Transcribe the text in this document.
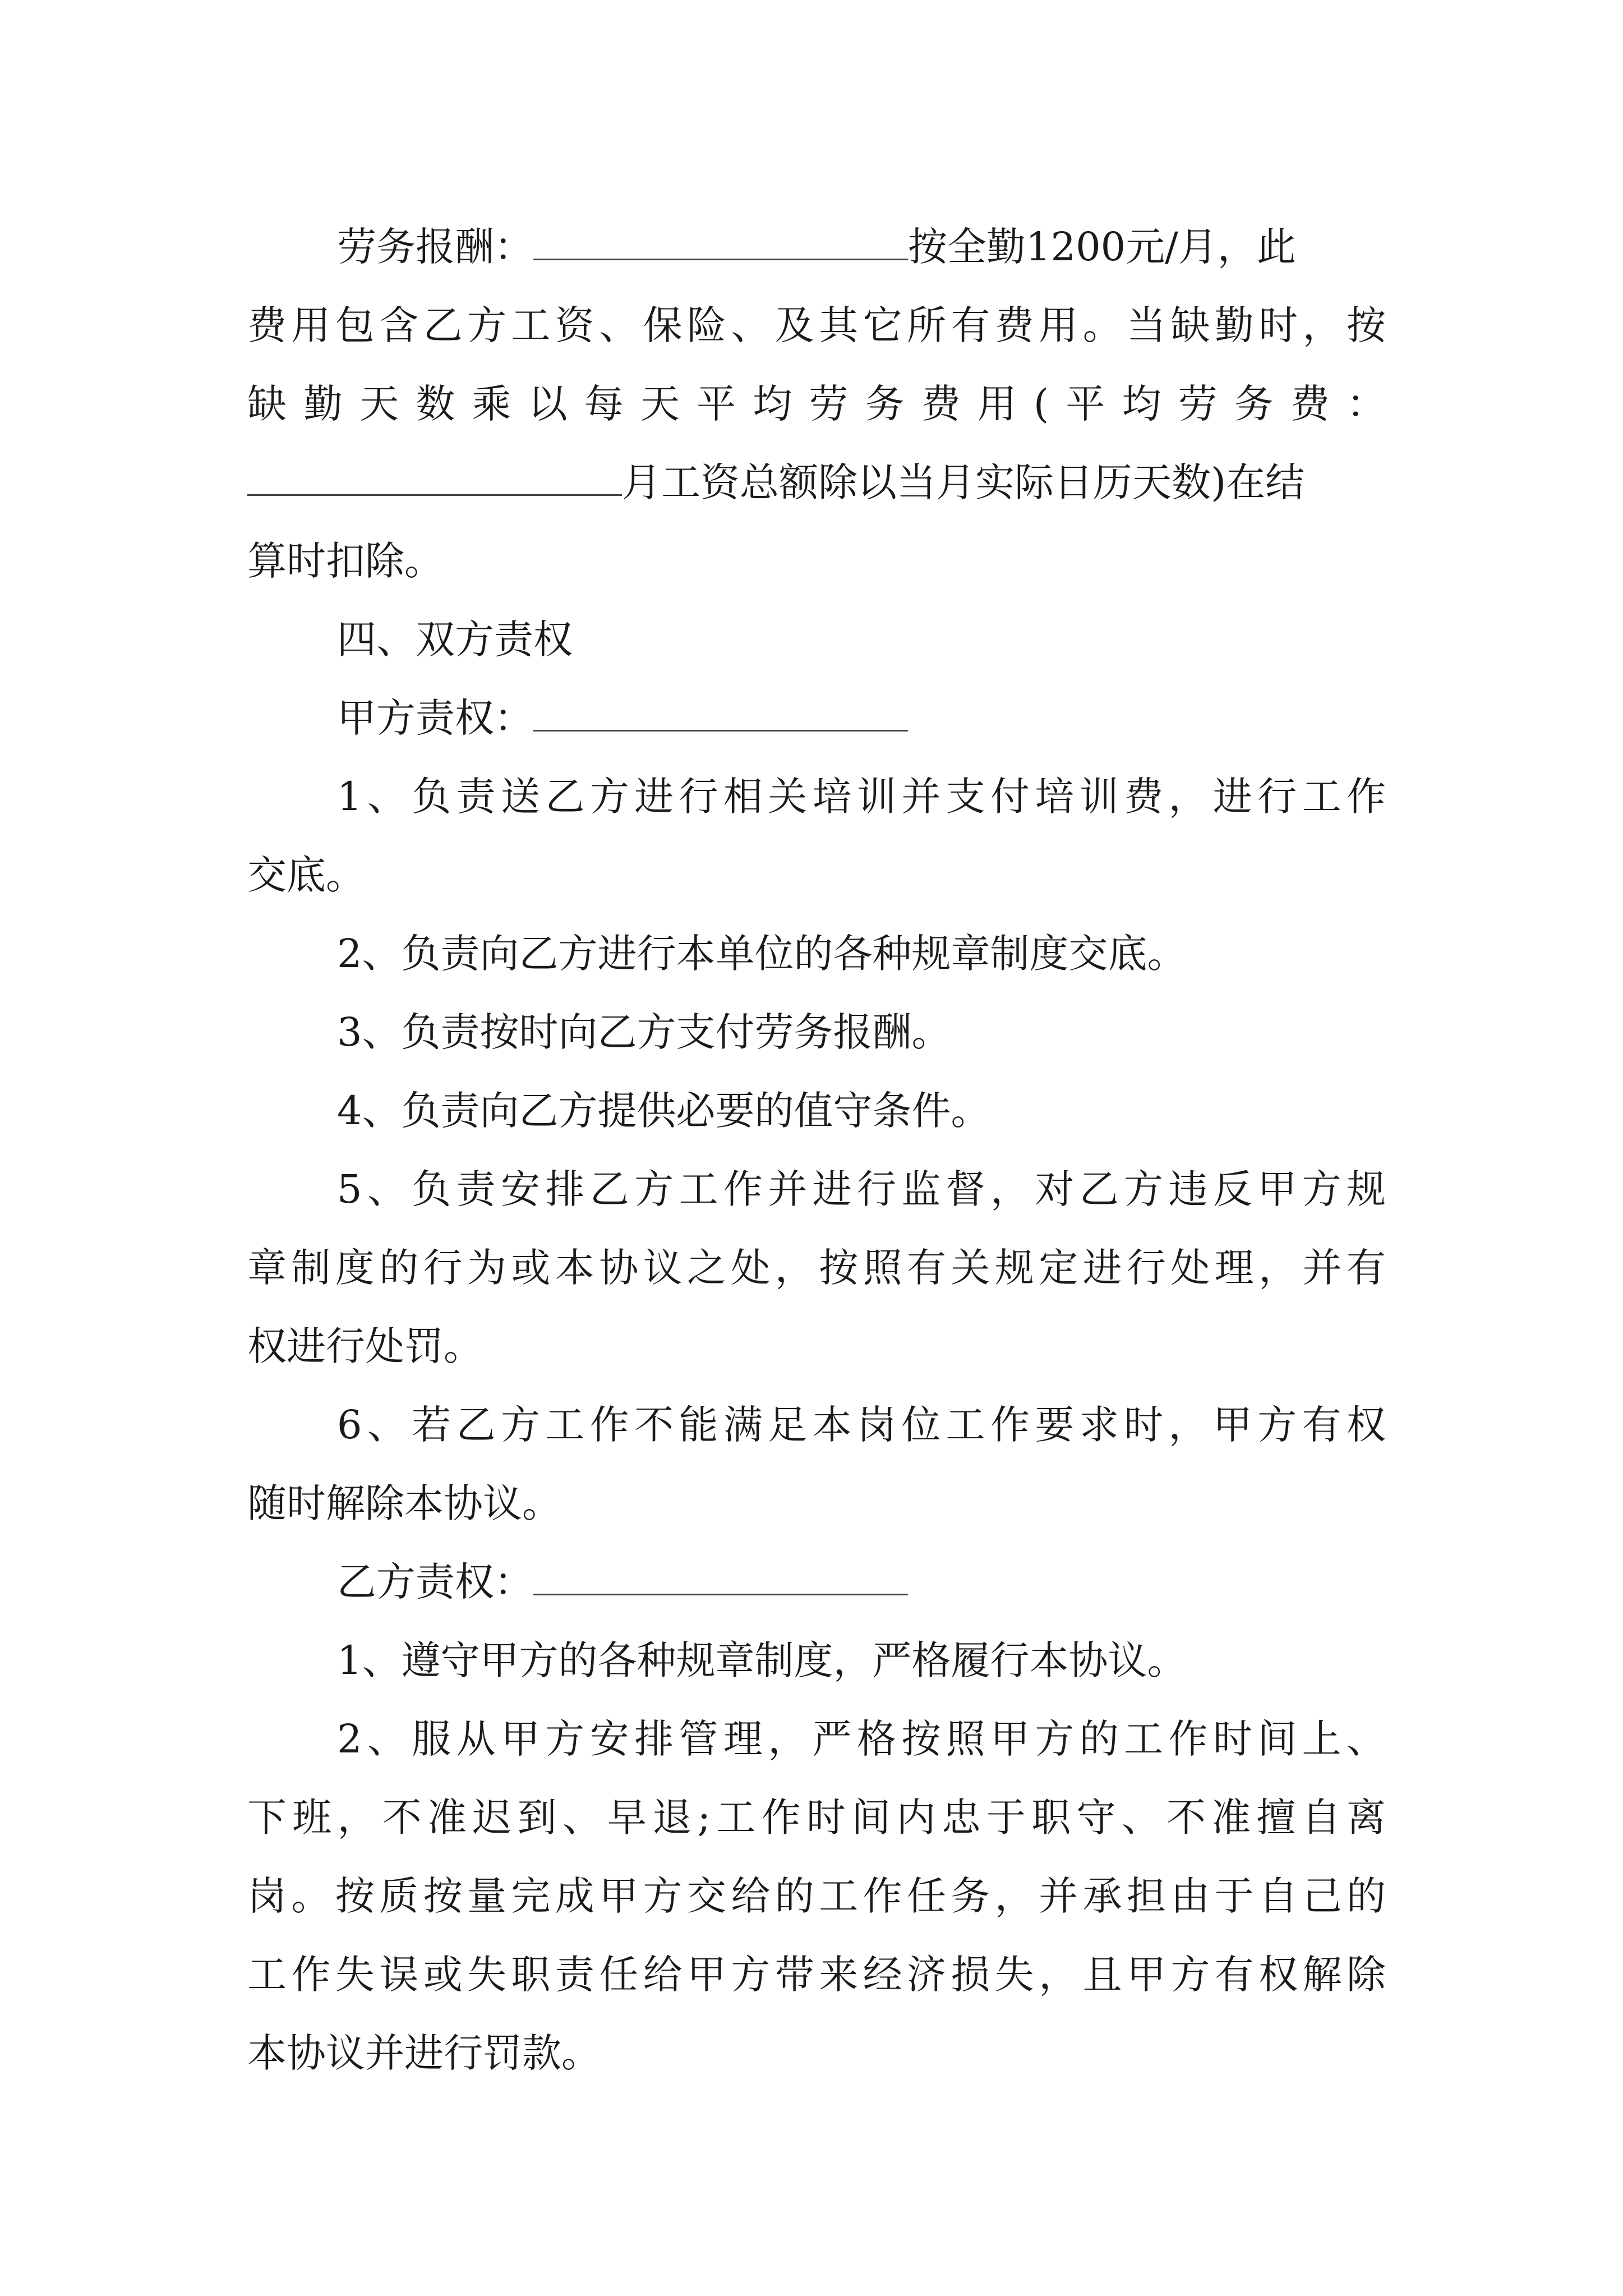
劳务报酬：	按全勤1200元/月，此
费用包含乙方工资、保险、及其它所有费用。当缺勤时，按
缺勤天数乘以每天平均劳务费用(平均劳务费：
月工资总额除以当月实际日历天数)在结
算时扣除。
四、双方责权
甲方责权：
1、负责送乙方进行相关培训并支付培训费，进行工作
交底。
2、负责向乙方进行本单位的各种规章制度交底。
3、负责按时向乙方支付劳务报酬。
4、负责向乙方提供必要的值守条件。
5、负责安排乙方工作并进行监督，对乙方违反甲方规
章制度的行为或本协议之处，按照有关规定进行处理，并有
权进行处罚。
6、若乙方工作不能满足本岗位工作要求时，甲方有权
随时解除本协议。
乙方责权：
1、遵守甲方的各种规章制度，严格履行本协议。
2、服从甲方安排管理，严格按照甲方的工作时间上、
下班，不准迟到、早退;工作时间内忠于职守、不准擅自离
岗。按质按量完成甲方交给的工作任务，并承担由于自己的
工作失误或失职责任给甲方带来经济损失，且甲方有权解除
本协议并进行罚款。
